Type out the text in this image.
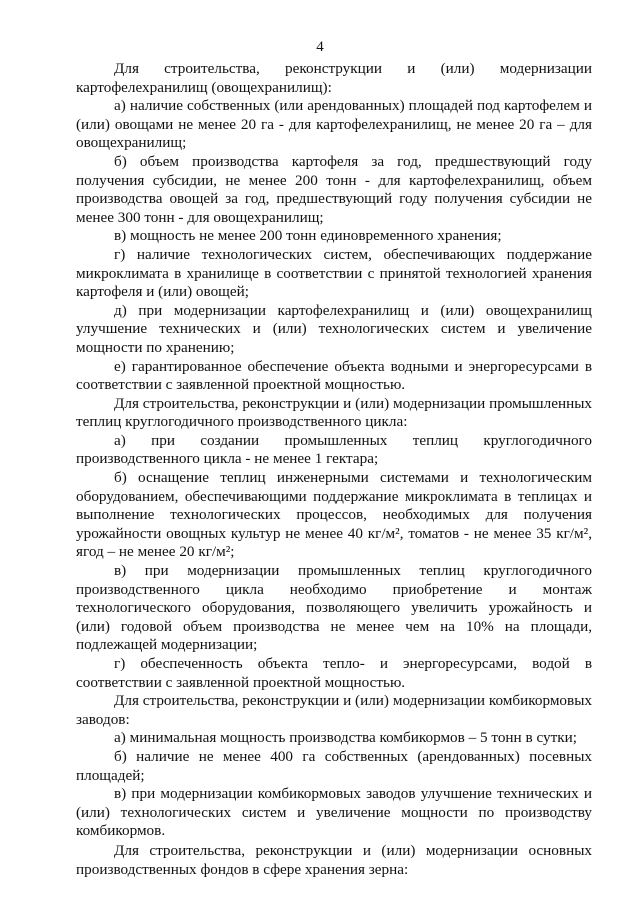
4

Для строительства, реконструкции и (или) модернизации картофелехранилищ (овощехранилищ):

а) наличие собственных (или арендованных) площадей под картофелем и (или) овощами не менее 20 га - для картофелехранилищ, не менее 20 га – для овощехранилищ;

б) объем производства картофеля за год, предшествующий году получения субсидии, не менее 200 тонн - для картофелехранилищ, объем производства овощей за год, предшествующий году получения субсидии не менее 300 тонн - для овощехранилищ;

в) мощность не менее 200 тонн единовременного хранения;

г) наличие технологических систем, обеспечивающих поддержание микроклимата в хранилище в соответствии с принятой технологией хранения картофеля и (или) овощей;

д) при модернизации картофелехранилищ и (или) овощехранилищ улучшение технических и (или) технологических систем и увеличение мощности по хранению;

е) гарантированное обеспечение объекта водными и энергоресурсами в соответствии с заявленной проектной мощностью.

Для строительства, реконструкции и (или) модернизации промышленных теплиц круглогодичного производственного цикла:

а) при создании промышленных теплиц круглогодичного производственного цикла - не менее 1 гектара;

б) оснащение теплиц инженерными системами и технологическим оборудованием, обеспечивающими поддержание микроклимата в теплицах и выполнение технологических процессов, необходимых для получения урожайности овощных культур не менее 40 кг/м², томатов - не менее 35 кг/м², ягод – не менее 20 кг/м²;

в) при модернизации промышленных теплиц круглогодичного производственного цикла необходимо приобретение и монтаж технологического оборудования, позволяющего увеличить урожайность и (или) годовой объем производства не менее чем на 10% на площади, подлежащей модернизации;

г) обеспеченность объекта тепло- и энергоресурсами, водой в соответствии с заявленной проектной мощностью.

Для строительства, реконструкции и (или) модернизации комбикормовых заводов:

а) минимальная мощность производства комбикормов – 5 тонн в сутки;

б) наличие не менее 400 га собственных (арендованных) посевных площадей;

в) при модернизации комбикормовых заводов улучшение технических и (или) технологических систем и увеличение мощности по производству комбикормов.

Для строительства, реконструкции и (или) модернизации основных производственных фондов в сфере хранения зерна:
